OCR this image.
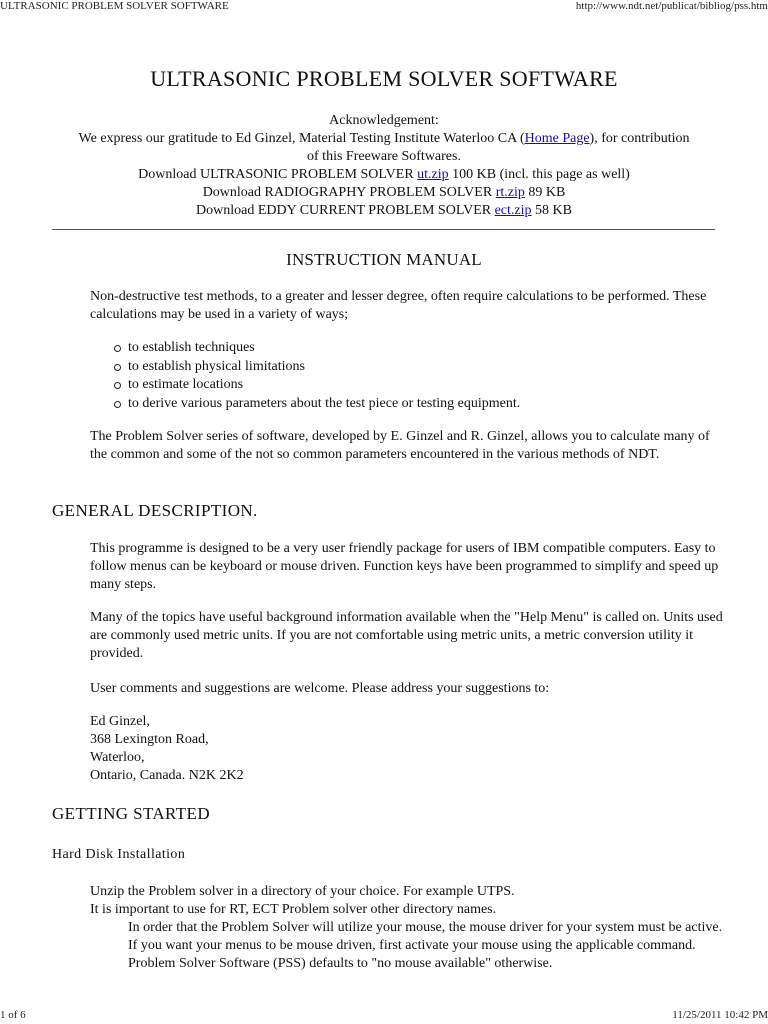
ULTRASONIC PROBLEM SOLVER SOFTWARE	http://www.ndt.net/publicat/bibliog/pss.htm
ULTRASONIC PROBLEM SOLVER SOFTWARE

Acknowledgement:

We express our gratitude to Ed Ginzel, Material Testing Institute Waterloo CA (Home Page), for contribution

of this Freeware Softwares.

Download ULTRASONIC PROBLEM SOLVER ut.zip 100 KB (incl. this page as well)

Download RADIOGRAPHY PROBLEM SOLVER rt.zip 89 KB

Download EDDY CURRENT PROBLEM SOLVER ect.zip 58 KB

INSTRUCTION MANUAL

Non-destructive test methods, to a greater and lesser degree, often require calculations to be performed. These calculations may be used in a variety of ways;

to establish techniques
to establish physical limitations
to estimate locations
to derive various parameters about the test piece or testing equipment.

The Problem Solver series of software, developed by E. Ginzel and R. Ginzel, allows you to calculate many of the common and some of the not so common parameters encountered in the various methods of NDT.

GENERAL DESCRIPTION.

This programme is designed to be a very user friendly package for users of IBM compatible computers. Easy to follow menus can be keyboard or mouse driven. Function keys have been programmed to simplify and speed up many steps.

Many of the topics have useful background information available when the "Help Menu" is called on. Units used are commonly used metric units. If you are not comfortable using metric units, a metric conversion utility it provided.

User comments and suggestions are welcome. Please address your suggestions to:

Ed Ginzel,
368 Lexington Road,
Waterloo,
Ontario, Canada. N2K 2K2
GETTING STARTED
Hard Disk Installation

Unzip the Problem solver in a directory of your choice. For example UTPS.

It is important to use for RT, ECT Problem solver other directory names.

In order that the Problem Solver will utilize your mouse, the mouse driver for your system must be active. If you want your menus to be mouse driven, first activate your mouse using the applicable command. Problem Solver Software (PSS) defaults to "no mouse available" otherwise.

1 of 6	11/25/2011 10:42 PM
